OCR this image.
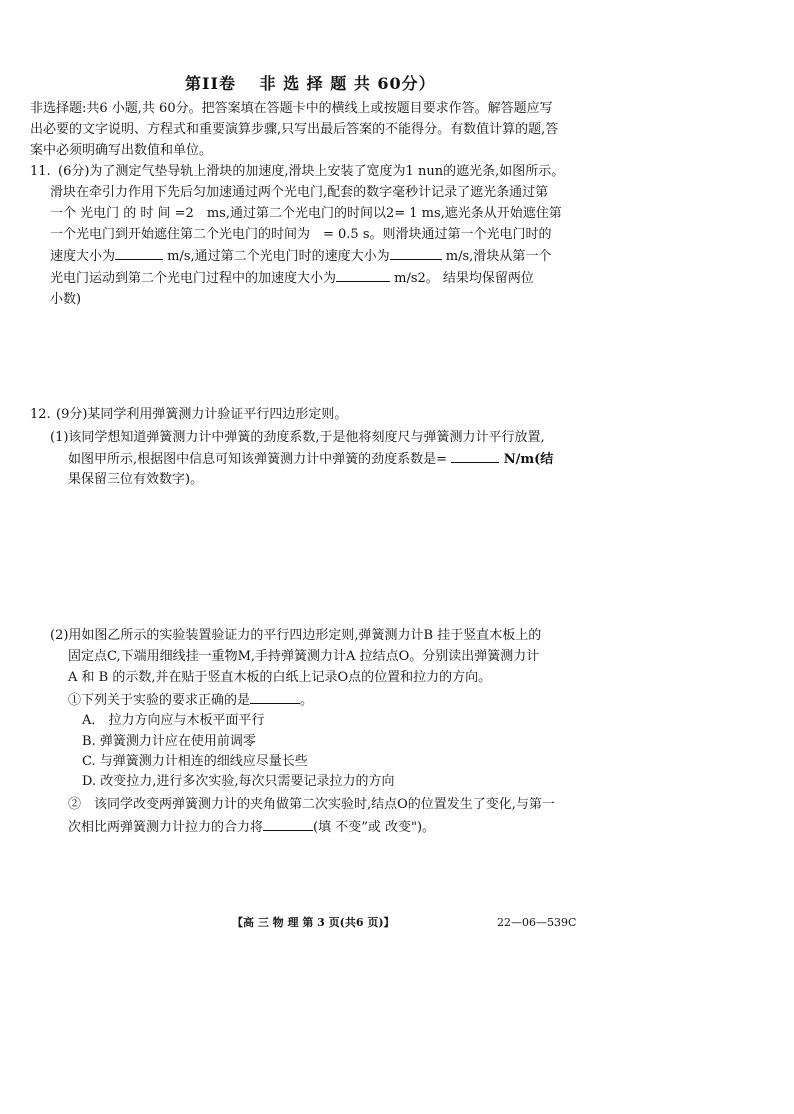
第II卷　 非 选 择 题 共 60分）
非选择题:共6 小题,共 60分。把答案填在答题卡中的横线上或按题目要求作答。解答题应写
出必要的文字说明、方程式和重要演算步骤,只写出最后答案的不能得分。有数值计算的题,答
案中必须明确写出数值和单位。
11. (6分)为了测定气垫导轨上滑块的加速度,滑块上安装了宽度为1 nun的遮光条,如图所示。
滑块在牵引力作用下先后匀加速通过两个光电门,配套的数字毫秒计记录了遮光条通过第
一个 光电门 的 时 间 =2　ms,通过第二个光电门的时间以2= 1 ms,遮光条从开始遮住第
一个光电门到开始遮住第二个光电门的时间为　= 0.5 s。则滑块通过第一个光电门时的
速度大小为	m/s,通过第二个光电门时的速度大小为	m/s,滑块从第一个
光电门运动到第二个光电门过程中的加速度大小为	m/s2。 结果均保留两位
小数)
12. (9分)某同学利用弹簧测力计验证平行四边形定则。
(1)该同学想知道弹簧测力计中弹簧的劲度系数,于是他将刻度尺与弹簧测力计平行放置,
如图甲所示,根据图中信息可知该弹簧测力计中弹簧的劲度系数是=	N/m(结
果保留三位有效数字)。
(2)用如图乙所示的实验装置验证力的平行四边形定则,弹簧测力计B 挂于竖直木板上的
固定点C,下端用细线挂一重物M,手持弹簧测力计A 拉结点O。分别读出弹簧测力计
A 和 B 的示数,并在贴于竖直木板的白纸上记录O点的位置和拉力的方向。
①下列关于实验的要求正确的是	。
A． 拉力方向应与木板平面平行
B. 弹簧测力计应在使用前调零
C. 与弹簧测力计相连的细线应尽量长些
D. 改变拉力,进行多次实验,每次只需要记录拉力的方向
②　该同学改变两弹簧测力计的夹角做第二次实验时,结点O的位置发生了变化,与第一
次相比两弹簧测力计拉力的合力将	(填 不变”或 改变")。
【高 三 物 理 第 3 页(共6 页)】	22—06—539C
